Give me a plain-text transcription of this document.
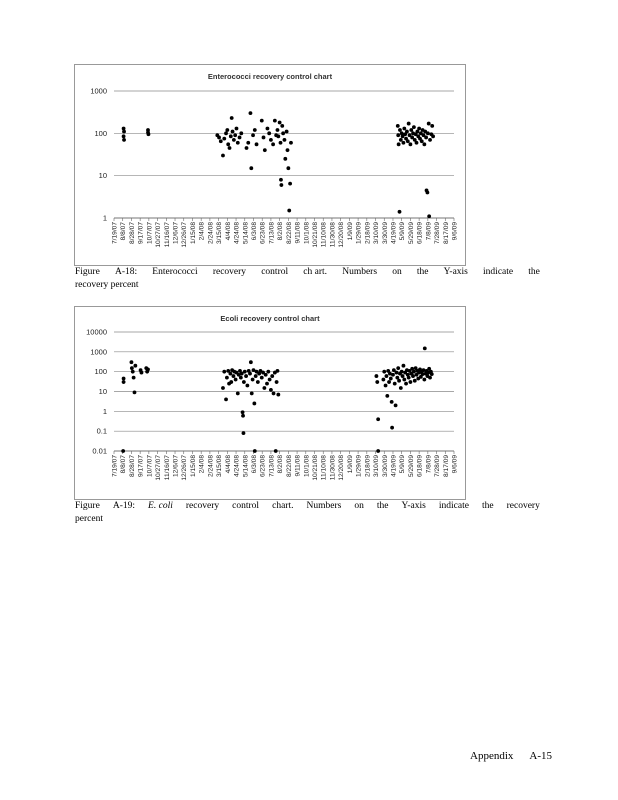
Enterococci recovery control chart
1
10
100
1000
7/19/07 8/8/07 8/28/07 9/17/07 10/7/07 10/27/07 11/16/07 12/6/07 12/26/07 1/15/08 2/4/08 2/24/08 3/15/08 4/4/08 4/24/08 5/14/08 6/3/08 6/23/08 7/13/08 8/2/08 8/22/08 9/11/08 10/1/08 10/21/08 11/10/08 11/30/08 12/20/08 1/9/09 1/29/09 2/18/09 3/10/09 3/30/09 4/19/09 5/9/09 5/29/09 6/18/09 7/8/09 7/28/09 8/17/09 9/6/09
Figure A-18: Enterococci recovery control ch art. Numbers on the Y-axis indicate the
recovery percent
Ecoli recovery control chart
0.01
0.1
1
10
100
1000
10000
7/19/07 8/8/07 8/28/07 9/17/07 10/7/07 10/27/07 11/16/07 12/6/07 12/26/07 1/15/08 2/4/08 2/24/08 3/15/08 4/4/08 4/24/08 5/14/08 6/3/08 6/23/08 7/13/08 8/2/08 8/22/08 9/11/08 10/1/08 10/21/08 11/10/08 11/30/08 12/20/08 1/9/09 1/29/09 2/18/09 3/10/09 3/30/09 4/19/09 5/9/09 5/29/09 6/18/09 7/8/09 7/28/09 8/17/09 9/6/09
Figure A-19: E. coli recovery control chart. Numbers on the Y-axis indicate the recovery
percent
Appendix A-15
